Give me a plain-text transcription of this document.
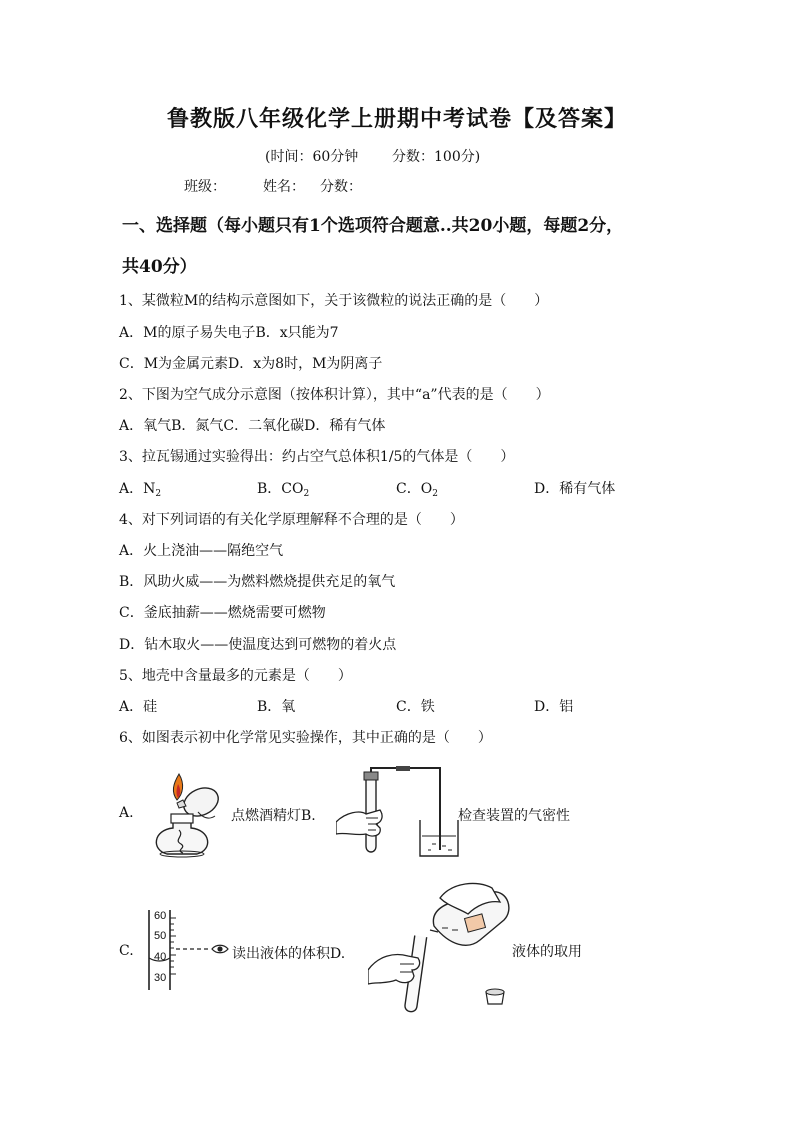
鲁教版八年级化学上册期中考试卷【及答案】
(时间：60分钟 分数：100分)
班级：	姓名： 分数：
一、选择题（每小题只有1个选项符合题意..共20小题，每题2分，
共40分）
1、某微粒M的结构示意图如下，关于该微粒的说法正确的是（　　）
A．M的原子易失电子B．x只能为7
C．M为金属元素D．x为8时，M为阴离子
2、下图为空气成分示意图（按体积计算），其中“a”代表的是（　　）
A．氧气B．氮气C．二氧化碳D．稀有气体
3、拉瓦锡通过实验得出：约占空气总体积1/5的气体是（　　）
A．$N_2$	B．$CO_2$	C．$O_2$	D．稀有气体
4、对下列词语的有关化学原理解释不合理的是（　　）
A．火上浇油——隔绝空气
B．风助火威——为燃料燃烧提供充足的氧气
C．釜底抽薪——燃烧需要可燃物
D．钻木取火——使温度达到可燃物的着火点
5、地壳中含量最多的元素是（　　）
A．硅	B．氧	C．铁	D．铝
6、如图表示初中化学常见实验操作，其中正确的是（　　）
A.	点燃酒精灯B.	检查装置的气密性
C.
60
50
40
30
读出液体的体积D.	液体的取用
